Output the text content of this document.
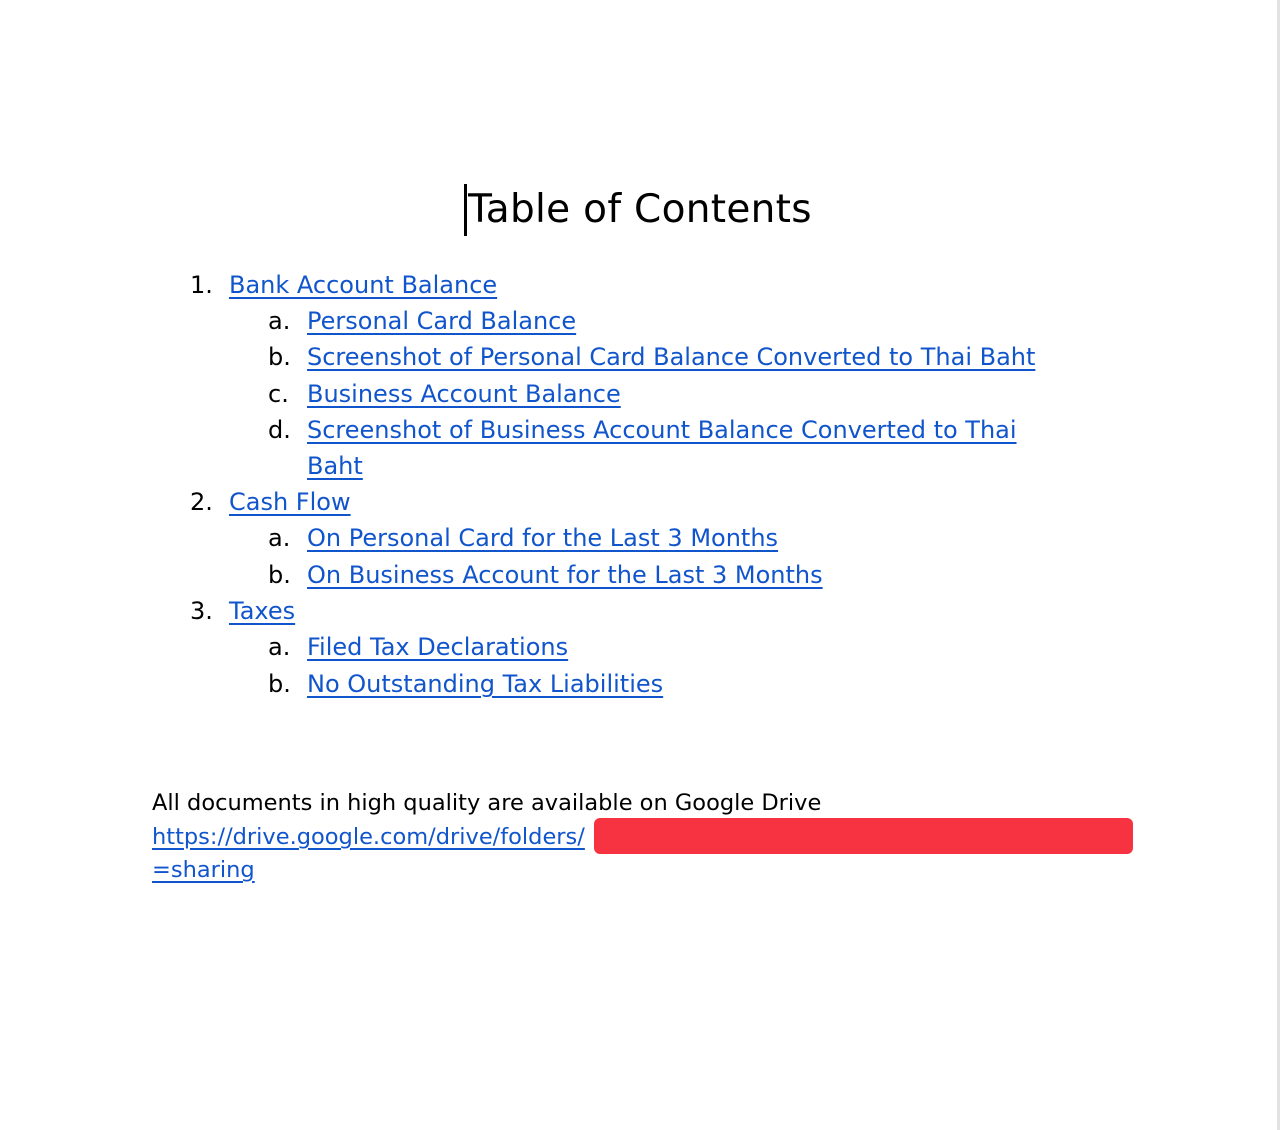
Table of Contents
1. Bank Account Balance
a. Personal Card Balance
b. Screenshot of Personal Card Balance Converted to Thai Baht
c. Business Account Balance
d. Screenshot of Business Account Balance Converted to Thai
Baht
2. Cash Flow
a. On Personal Card for the Last 3 Months
b. On Business Account for the Last 3 Months
3. Taxes
a. Filed Tax Declarations
b. No Outstanding Tax Liabilities
All documents in high quality are available on Google Drive
https://drive.google.com/drive/folders/
=sharing
